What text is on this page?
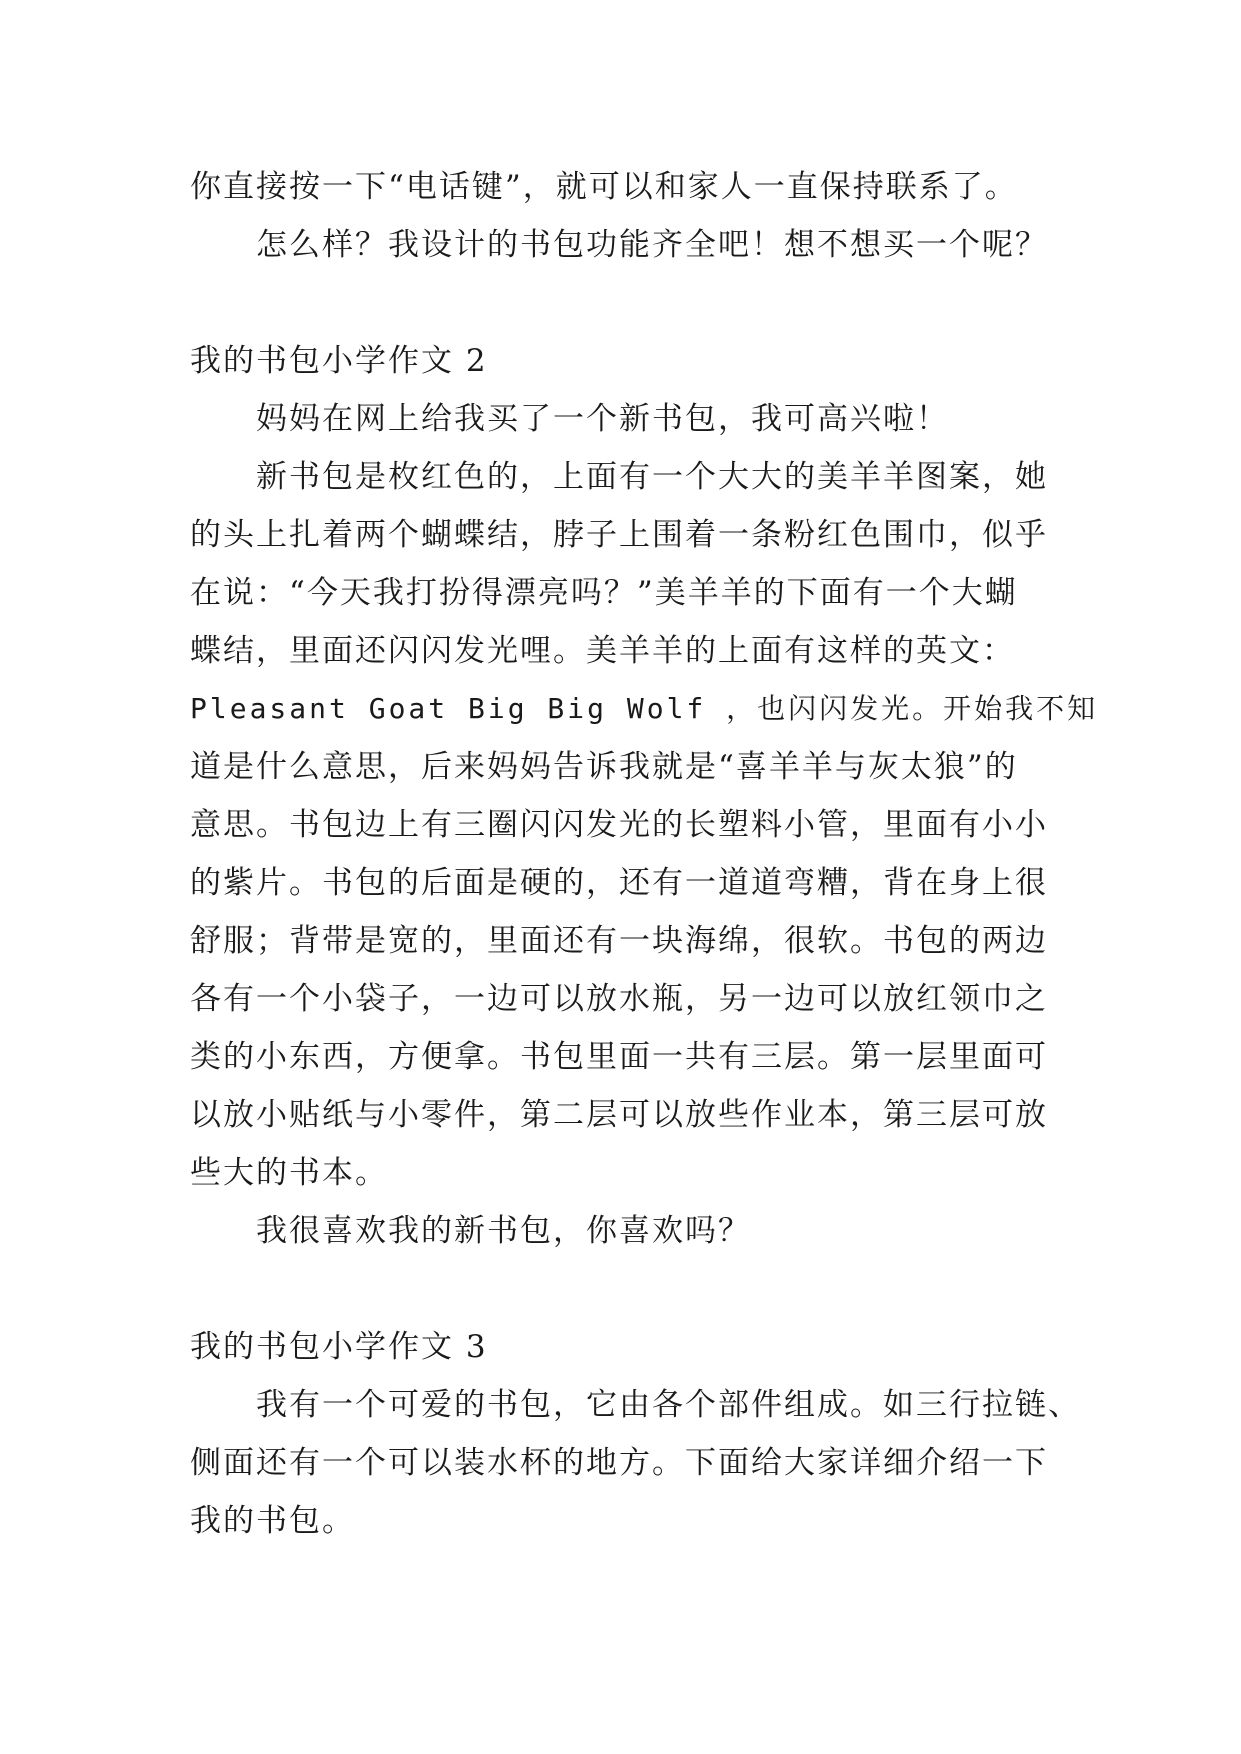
你直接按一下“电话键”，就可以和家人一直保持联系了。
怎么样？我设计的书包功能齐全吧！想不想买一个呢？
我的书包小学作文 2
妈妈在网上给我买了一个新书包，我可高兴啦！
新书包是枚红色的，上面有一个大大的美羊羊图案，她
的头上扎着两个蝴蝶结，脖子上围着一条粉红色围巾，似乎
在说：“今天我打扮得漂亮吗？”美羊羊的下面有一个大蝴
蝶结，里面还闪闪发光哩。美羊羊的上面有这样的英文：
Pleasant Goat Big Big Wolf ，也闪闪发光。开始我不知
道是什么意思，后来妈妈告诉我就是“喜羊羊与灰太狼”的
意思。书包边上有三圈闪闪发光的长塑料小管，里面有小小
的紫片。书包的后面是硬的，还有一道道弯糟，背在身上很
舒服；背带是宽的，里面还有一块海绵，很软。书包的两边
各有一个小袋子，一边可以放水瓶，另一边可以放红领巾之
类的小东西，方便拿。书包里面一共有三层。第一层里面可
以放小贴纸与小零件，第二层可以放些作业本，第三层可放
些大的书本。
我很喜欢我的新书包，你喜欢吗？
我的书包小学作文 3
我有一个可爱的书包，它由各个部件组成。如三行拉链、
侧面还有一个可以装水杯的地方。下面给大家详细介绍一下
我的书包。
